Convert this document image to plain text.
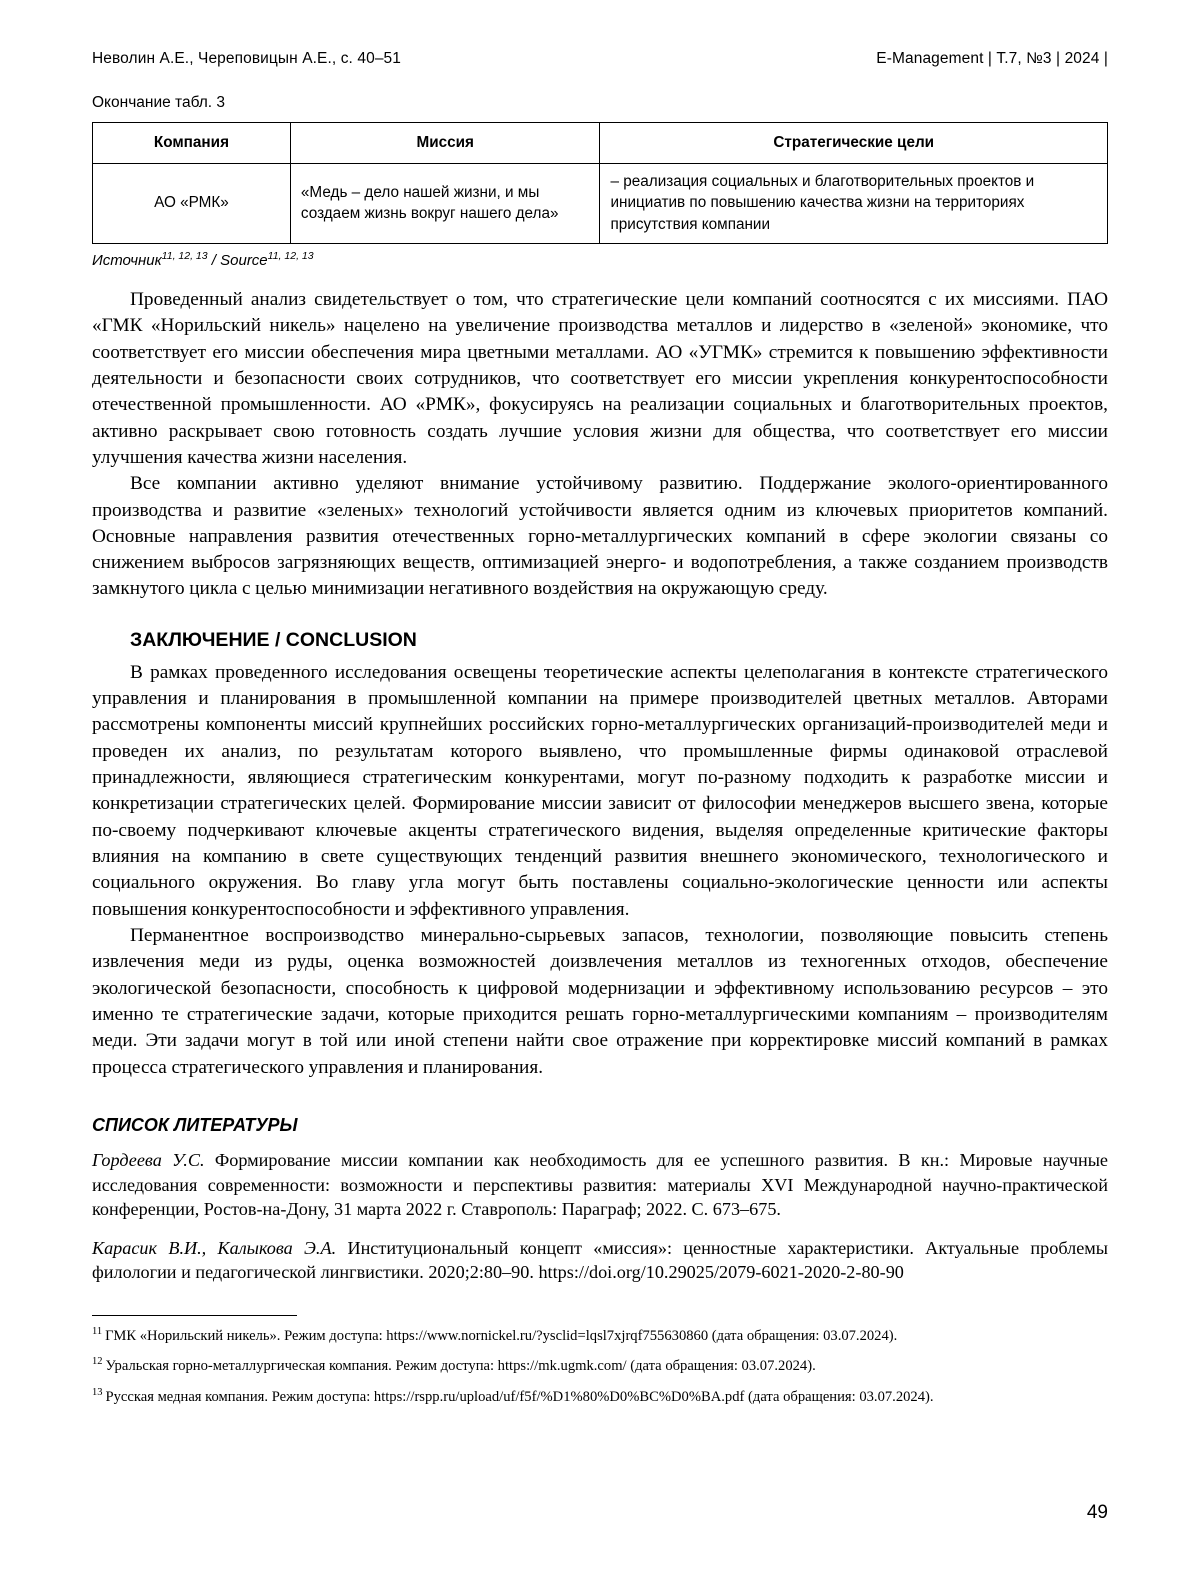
Неволин А.Е., Череповицын А.Е., с. 40–51	E-Management | Т.7, №3 | 2024 |
Окончание табл. 3
Компания	Миссия	Стратегические цели
АО «РМК»	«Медь – дело нашей жизни, и мы создаем жизнь вокруг нашего дела»	– реализация социальных и благотворительных проектов и инициатив по повышению качества жизни на территориях присутствия компании
Источник$^{11, 12, 13}$ / Source$^{11, 12, 13}$

Проведенный анализ свидетельствует о том, что стратегические цели компаний соотносятся с их миссиями. ПАО «ГМК «Норильский никель» нацелено на увеличение производства металлов и лидерство в «зеленой» экономике, что соответствует его миссии обеспечения мира цветными металлами. АО «УГМК» стремится к повышению эффективности деятельности и безопасности своих сотрудников, что соответствует его миссии укрепления конкурентоспособности отечественной промышленности. АО «РМК», фокусируясь на реализации социальных и благотворительных проектов, активно раскрывает свою готовность создать лучшие условия жизни для общества, что соответствует его миссии улучшения качества жизни населения.

Все компании активно уделяют внимание устойчивому развитию. Поддержание эколого-ориентированного производства и развитие «зеленых» технологий устойчивости является одним из ключевых приоритетов компаний. Основные направления развития отечественных горно-металлургических компаний в сфере экологии связаны со снижением выбросов загрязняющих веществ, оптимизацией энерго- и водопотребления, а также созданием производств замкнутого цикла с целью минимизации негативного воздействия на окружающую среду.

ЗАКЛЮЧЕНИЕ / CONCLUSION

В рамках проведенного исследования освещены теоретические аспекты целеполагания в контексте стратегического управления и планирования в промышленной компании на примере производителей цветных металлов. Авторами рассмотрены компоненты миссий крупнейших российских горно-металлургических организаций-производителей меди и проведен их анализ, по результатам которого выявлено, что промышленные фирмы одинаковой отраслевой принадлежности, являющиеся стратегическим конкурентами, могут по-разному подходить к разработке миссии и конкретизации стратегических целей. Формирование миссии зависит от философии менеджеров высшего звена, которые по-своему подчеркивают ключевые акценты стратегического видения, выделяя определенные критические факторы влияния на компанию в свете существующих тенденций развития внешнего экономического, технологического и социального окружения. Во главу угла могут быть поставлены социально-экологические ценности или аспекты повышения конкурентоспособности и эффективного управления.

Перманентное воспроизводство минерально-сырьевых запасов, технологии, позволяющие повысить степень извлечения меди из руды, оценка возможностей доизвлечения металлов из техногенных отходов, обеспечение экологической безопасности, способность к цифровой модернизации и эффективному использованию ресурсов – это именно те стратегические задачи, которые приходится решать горно-металлургическими компаниям – производителям меди. Эти задачи могут в той или иной степени найти свое отражение при корректировке миссий компаний в рамках процесса стратегического управления и планирования.

СПИСОК ЛИТЕРАТУРЫ

Гордеева У.С. Формирование миссии компании как необходимость для ее успешного развития. В кн.: Мировые научные исследования современности: возможности и перспективы развития: материалы XVI Международной научно-практической конференции, Ростов-на-Дону, 31 марта 2022 г. Ставрополь: Параграф; 2022. С. 673–675.

Карасик В.И., Калыкова Э.А. Институциональный концепт «миссия»: ценностные характеристики. Актуальные проблемы филологии и педагогической лингвистики. 2020;2:80–90. https://doi.org/10.29025/2079-6021-2020-2-80-90

$^{11}$ ГМК «Норильский никель». Режим доступа: https://www.nornickel.ru/?ysclid=lqsl7xjrqf755630860 (дата обращения: 03.07.2024).

$^{12}$ Уральская горно-металлургическая компания. Режим доступа: https://mk.ugmk.com/ (дата обращения: 03.07.2024).

$^{13}$ Русская медная компания. Режим доступа: https://rspp.ru/upload/uf/f5f/%D1%80%D0%BC%D0%BA.pdf (дата обращения: 03.07.2024).

49
